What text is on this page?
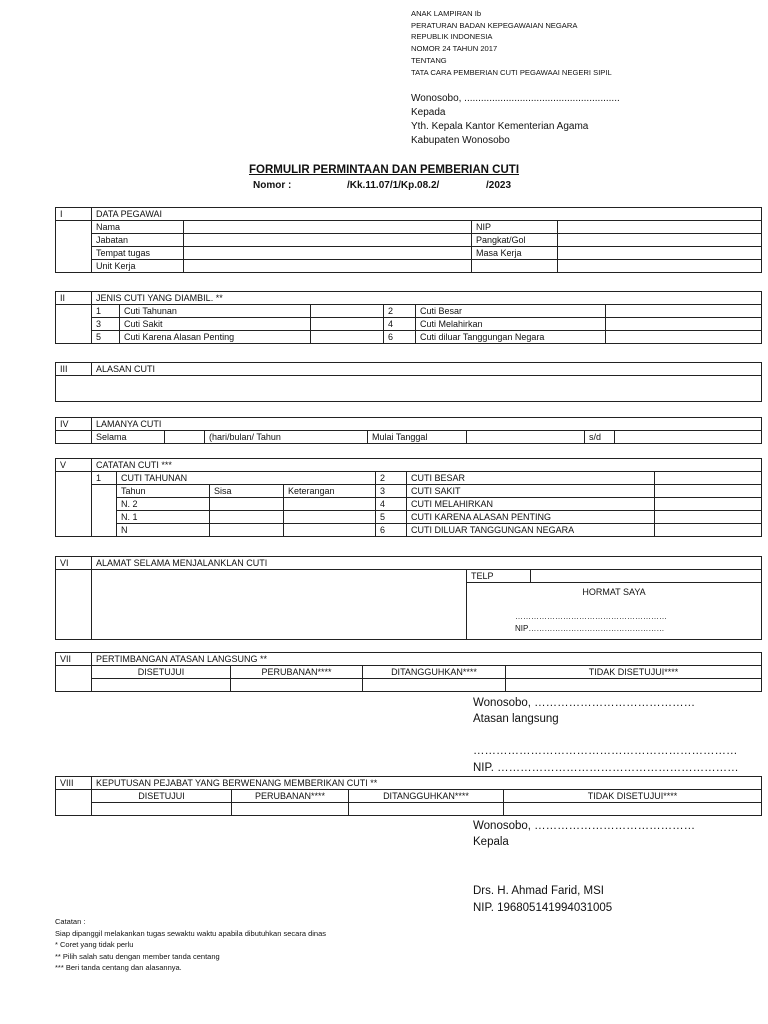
ANAK LAMPIRAN Ib
PERATURAN BADAN KEPEGAWAIAN NEGARA
REPUBLIK INDONESIA
NOMOR 24 TAHUN 2017
TENTANG
TATA CARA PEMBERIAN CUTI PEGAWAAI NEGERI SIPIL
Wonosobo, ........................................................
Kepada
Yth. Kepala Kantor Kementerian Agama
Kabupaten Wonosobo
FORMULIR PERMINTAAN DAN PEMBERIAN CUTI
Nomor :	/Kk.11.07/1/Kp.08.2/	/2023
I	DATA PEGAWAI			
	Nama		NIP	
	Jabatan		Pangkat/Gol	
	Tempat tugas		Masa Kerja	
	Unit Kerja			
II	JENIS CUTI YANG DIAMBIL. **					
	1	Cuti Tahunan		2	Cuti Besar	
	3	Cuti Sakit		4	Cuti Melahirkan	
	5	Cuti Karena Alasan Penting		6	Cuti diluar Tanggungan Negara	
III	ALASAN CUTI

IV	LAMANYA CUTI						
	Selama		(hari/bulan/ Tahun	Mulai Tanggal		s/d	
V	CATATAN CUTI ***						
	1	CUTI TAHUNAN			2	CUTI BESAR	
		Tahun	Sisa	Keterangan	3	CUTI SAKIT	
		N. 2			4	CUTI MELAHIRKAN	
		N. 1			5	CUTI KARENA ALASAN PENTING	
		N			6	CUTI DILUAR TANGGUNGAN NEGARA	
VI	ALAMAT SELAMA MENJALANKLAN CUTI		
		TELP	

		HORMAT SAYA
…………………………………………………
NIP……………………………………………	
VII	PERTIMBANGAN ATASAN LANGSUNG **			
	DISETUJUI	PERUBANAN****	DITANGGUHKAN****	TIDAK DISETUJUI****

Wonosobo, ……………………………………
Atasan langsung
……………………………………………………………
NIP. ………………………………………………………
VIII	KEPUTUSAN PEJABAT YANG BERWENANG MEMBERIKAN CUTI **			
	DISETUJUI	PERUBANAN****	DITANGGUHKAN****	TIDAK DISETUJUI****

Wonosobo, ……………………………………
Kepala
Drs. H. Ahmad Farid, MSI
NIP. 196805141994031005
Catatan :
Siap dipanggil melakankan tugas sewaktu waktu apabila dibutuhkan secara dinas
* Coret yang tidak perlu
** Pilih salah satu dengan member tanda centang
*** Beri tanda centang dan alasannya.
